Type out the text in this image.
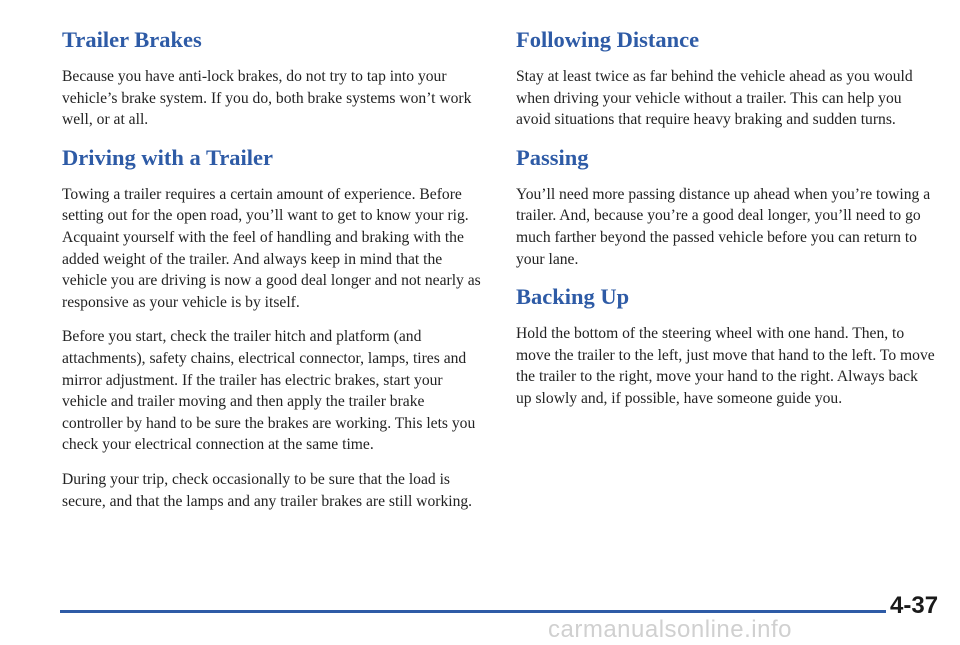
Trailer Brakes

Because you have anti-lock brakes, do not try to tap into your vehicle’s brake system. If you do, both brake systems won’t work well, or at all.

Driving with a Trailer

Towing a trailer requires a certain amount of experience. Before setting out for the open road, you’ll want to get to know your rig. Acquaint yourself with the feel of handling and braking with the added weight of the trailer. And always keep in mind that the vehicle you are driving is now a good deal longer and not nearly as responsive as your vehicle is by itself.

Before you start, check the trailer hitch and platform (and attachments), safety chains, electrical connector, lamps, tires and mirror adjustment. If the trailer has electric brakes, start your vehicle and trailer moving and then apply the trailer brake controller by hand to be sure the brakes are working. This lets you check your electrical connection at the same time.

During your trip, check occasionally to be sure that the load is secure, and that the lamps and any trailer brakes are still working.

Following Distance

Stay at least twice as far behind the vehicle ahead as you would when driving your vehicle without a trailer. This can help you avoid situations that require heavy braking and sudden turns.

Passing

You’ll need more passing distance up ahead when you’re towing a trailer. And, because you’re a good deal longer, you’ll need to go much farther beyond the passed vehicle before you can return to your lane.

Backing Up

Hold the bottom of the steering wheel with one hand. Then, to move the trailer to the left, just move that hand to the left. To move the trailer to the right, move your hand to the right. Always back up slowly and, if possible, have someone guide you.

4-37
carmanualsonline.info
